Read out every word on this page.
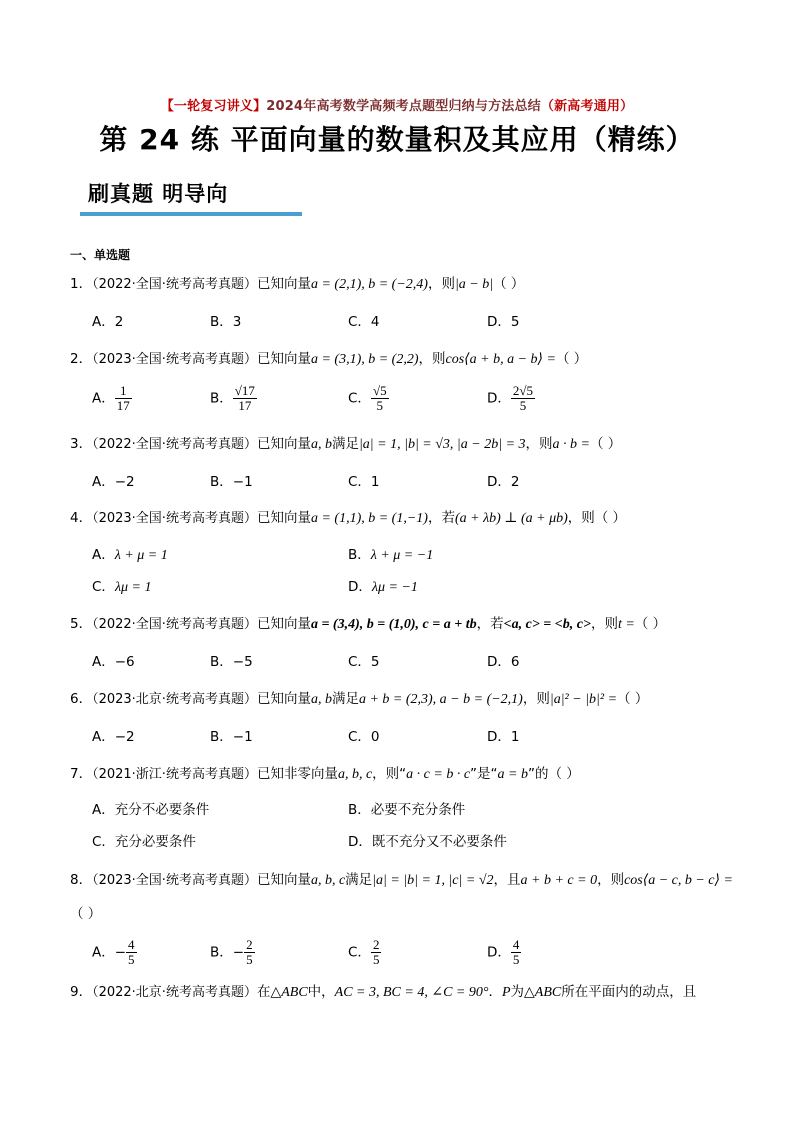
【一轮复习讲义】2024年高考数学高频考点题型归纳与方法总结（新高考通用）
第 24 练 平面向量的数量积及其应用（精练）
刷真题 明导向
一、单选题
1．（2022·全国·统考高考真题）已知向量a = (2,1), b = (−2,4)，则|a − b|（ ）
A．2	B．3	C．4	D．5
2．（2023·全国·统考高考真题）已知向量a = (3,1), b = (2,2)，则cos⟨a + b, a − b⟩ =（ ）
A． $\frac{1}{17}$	B． $\frac{√17}{17}$	C． $\frac{√5}{5}$	D． $\frac{2√5}{5}$
3．（2022·全国·统考高考真题）已知向量a, b满足|a| = 1, |b| = √3, |a − 2b| = 3，则a · b =（ ）
A．−2	B．−1	C．1	D．2
4．（2023·全国·统考高考真题）已知向量a = (1,1), b = (1,−1)，若(a + λb) ⊥ (a + μb)，则（ ）
A．λ + μ = 1	B．λ + μ = −1
C．λμ = 1	D．λμ = −1
5．（2022·全国·统考高考真题）已知向量a = (3,4), b = (1,0), c = a + tb，若<a, c> = <b, c>，则t =（ ）
A．−6	B．−5	C．5	D．6
6．（2023·北京·统考高考真题）已知向量a, b满足a + b = (2,3), a − b = (−2,1)，则|a|² − |b|² =（ ）
A．−2	B．−1	C．0	D．1
7．（2021·浙江·统考高考真题）已知非零向量a, b, c，则“a · c = b · c”是“a = b”的（ ）
A．充分不必要条件	B．必要不充分条件
C．充分必要条件	D．既不充分又不必要条件
8．（2023·全国·统考高考真题）已知向量a, b, c满足|a| = |b| = 1, |c| = √2，且a + b + c = 0，则cos⟨a − c, b − c⟩ =
（ ）
A．− $\frac{4}{5}$	B．− $\frac{2}{5}$	C． $\frac{2}{5}$	D． $\frac{4}{5}$
9．（2022·北京·统考高考真题）在△ABC中，AC = 3, BC = 4, ∠C = 90°．P为△ABC所在平面内的动点，且
